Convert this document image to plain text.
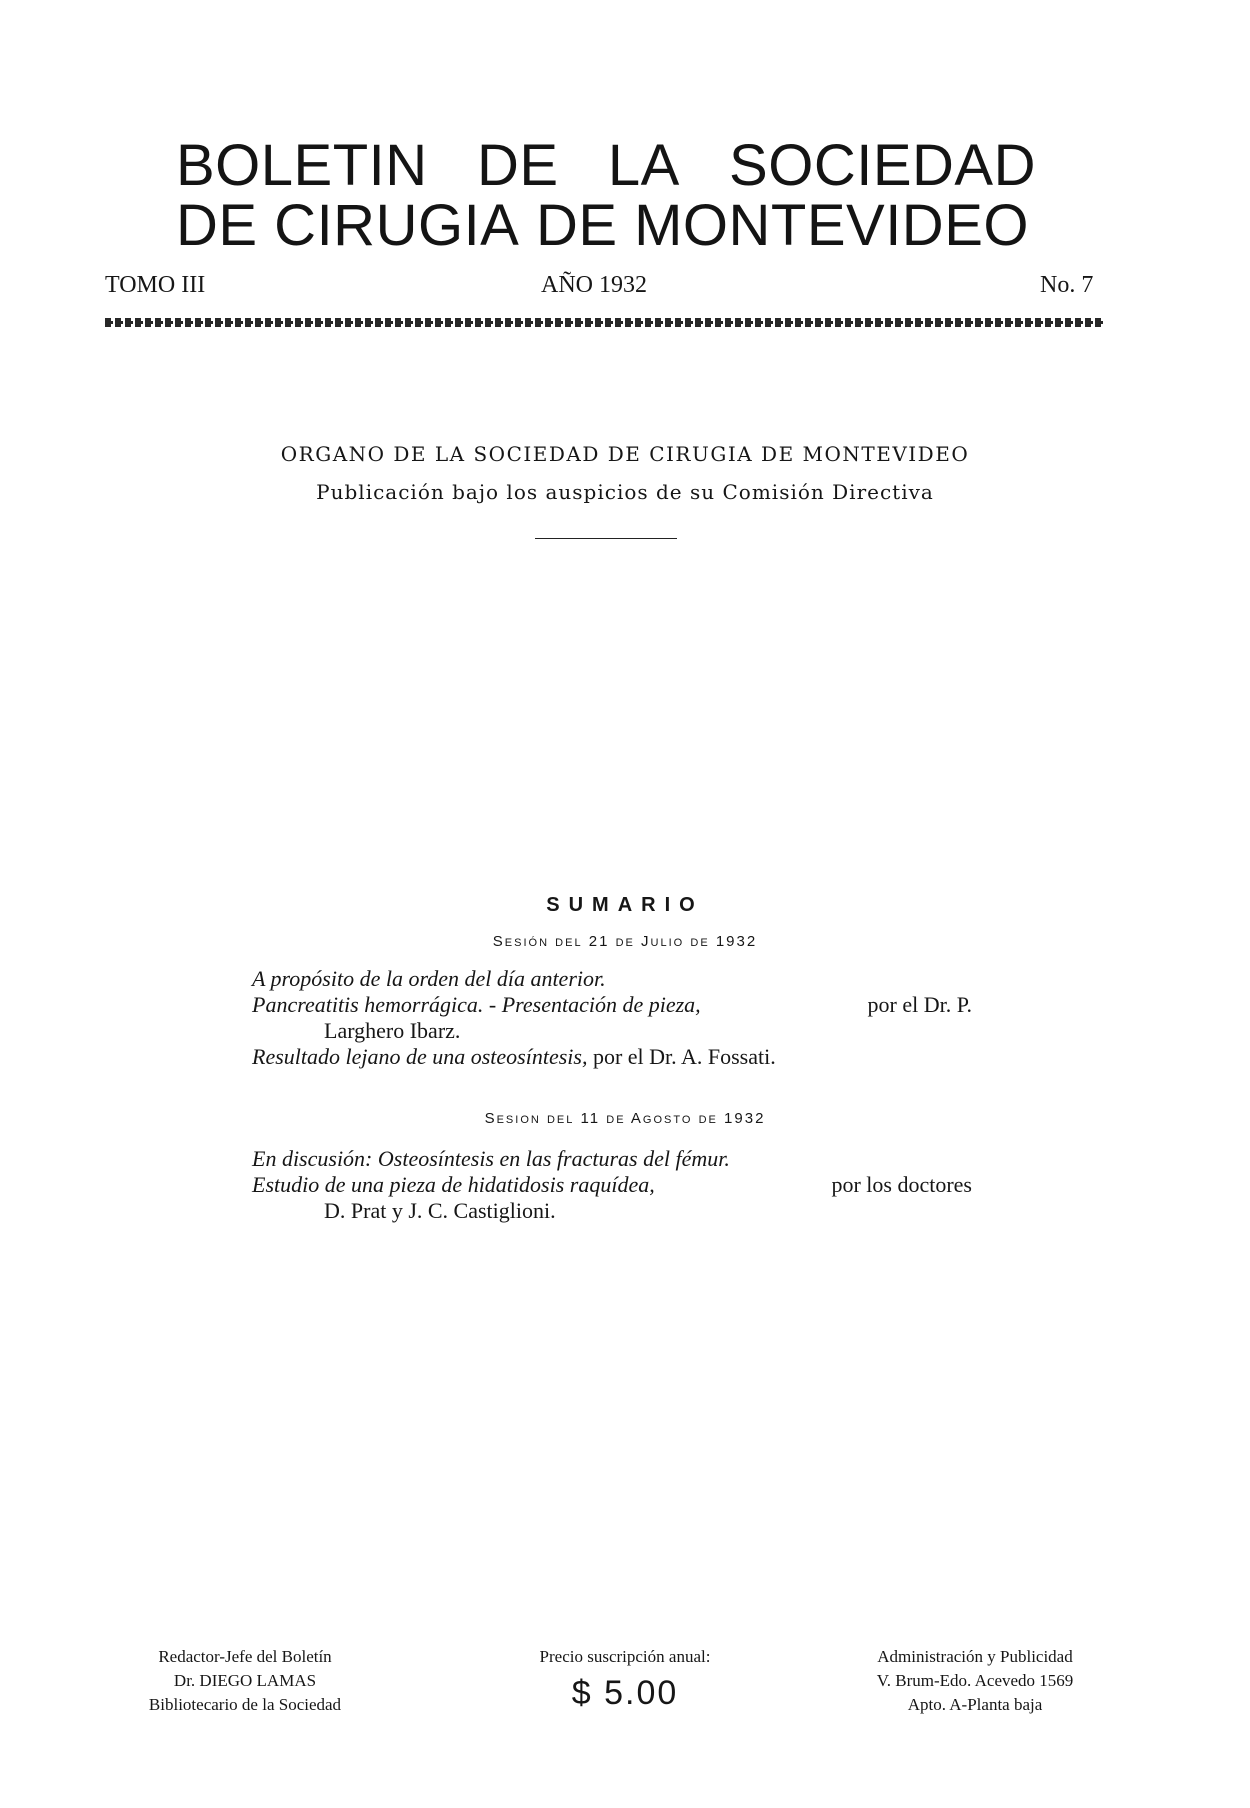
BOLETIN DE LA SOCIEDAD
DE CIRUGIA DE MONTEVIDEO
TOMO III	AÑO 1932	No. 7
ORGANO DE LA SOCIEDAD DE CIRUGIA DE MONTEVIDEO
Publicación bajo los auspicios de su Comisión Directiva
SUMARIO
Sesión del 21 de Julio de 1932

A propósito de la orden del día anterior.

Pancreatitis hemorrágica. - Presentación de pieza,	por el Dr. P.

Larghero Ibarz.

Resultado lejano de una osteosíntesis, por el Dr. A. Fossati.

Sesion del 11 de Agosto de 1932

En discusión: Osteosíntesis en las fracturas del fémur.

Estudio de una pieza de hidatidosis raquídea,	por los doctores

D. Prat y J. C. Castiglioni.

Redactor-Jefe del Boletín
Dr. DIEGO LAMAS
Bibliotecario de la Sociedad
Precio suscripción anual:
$ 5.00
Administración y Publicidad
V. Brum-Edo. Acevedo 1569
Apto. A-Planta baja
